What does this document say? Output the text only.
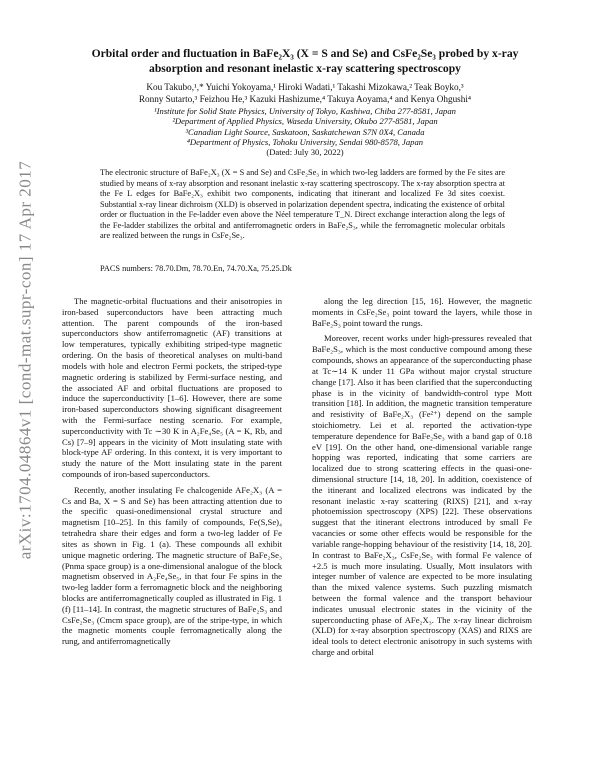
arXiv:1704.04864v1 [cond-mat.supr-con] 17 Apr 2017
Orbital order and fluctuation in BaFe₂X₃ (X = S and Se) and CsFe₂Se₃ probed by x-ray absorption and resonant inelastic x-ray scattering spectroscopy
Kou Takubo,¹,* Yuichi Yokoyama,¹ Hiroki Wadati,¹ Takashi Mizokawa,² Teak Boyko,³
Ronny Sutarto,³ Feizhou He,³ Kazuki Hashizume,⁴ Takuya Aoyama,⁴ and Kenya Ohgushi⁴
¹Institute for Solid State Physics, University of Tokyo, Kashiwa, Chiba 277-8581, Japan
²Department of Applied Physics, Waseda University, Okubo 277-8581, Japan
³Canadian Light Source, Saskatoon, Saskatchewan S7N 0X4, Canada
⁴Department of Physics, Tohoku University, Sendai 980-8578, Japan
(Dated: July 30, 2022)

The electronic structure of BaFe₂X₃ (X = S and Se) and CsFe₂Se₃ in which two-leg ladders are formed by the Fe sites are studied by means of x-ray absorption and resonant inelastic x-ray scattering spectroscopy. The x-ray absorption spectra at the Fe L edges for BaFe₂X₃ exhibit two components, indicating that itinerant and localized Fe 3d sites coexist. Substantial x-ray linear dichroism (XLD) is observed in polarization dependent spectra, indicating the existence of orbital order or fluctuation in the Fe-ladder even above the Néel temperature T_N. Direct exchange interaction along the legs of the Fe-ladder stabilizes the orbital and antiferromagnetic orders in BaFe₂S₃, while the ferromagnetic molecular orbitals are realized between the rungs in CsFe₂Se₃.

PACS numbers: 78.70.Dm, 78.70.En, 74.70.Xa, 75.25.Dk

The magnetic-orbital fluctuations and their anisotropies in iron-based superconductors have been attracting much attention. The parent compounds of the iron-based superconductors show antiferromagnetic (AF) transitions at low temperatures, typically exhibiting striped-type magnetic ordering. On the basis of theoretical analyses on multi-band models with hole and electron Fermi pockets, the striped-type magnetic ordering is stabilized by Fermi-surface nesting, and the associated AF and orbital fluctuations are proposed to induce the superconductivity [1–6]. However, there are some iron-based superconductors showing significant disagreement with the Fermi-surface nesting scenario. For example, superconductivity with Tc ∼30 K in A₂Fe₄Se₅ (A = K, Rb, and Cs) [7–9] appears in the vicinity of Mott insulating state with block-type AF ordering. In this context, it is very important to study the nature of the Mott insulating state in the parent compounds of iron-based superconductors.

Recently, another insulating Fe chalcogenide AFe₂X₃ (A = Cs and Ba, X = S and Se) has been attracting attention due to the specific quasi-onedimensional crystal structure and magnetism [10–25]. In this family of compounds, Fe(S,Se)₄ tetrahedra share their edges and form a two-leg ladder of Fe sites as shown in Fig. 1 (a). These compounds all exhibit unique magnetic ordering. The magnetic structure of BaFe₂Se₃ (Pnma space group) is a one-dimensional analogue of the block magnetism observed in A₂Fe₄Se₅, in that four Fe spins in the two-leg ladder form a ferromagnetic block and the neighboring blocks are antiferromagnetically coupled as illustrated in Fig. 1 (f) [11–14]. In contrast, the magnetic structures of BaFe₂S₃ and CsFe₂Se₃ (Cmcm space group), are of the stripe-type, in which the magnetic moments couple ferromagnetically along the rung, and antiferromagnetically

along the leg direction [15, 16]. However, the magnetic moments in CsFe₂Se₃ point toward the layers, while those in BaFe₂S₃ point toward the rungs.

Moreover, recent works under high-pressures revealed that BaFe₂S₃, which is the most conductive compound among these compounds, shows an appearance of the superconducting phase at Tc∼14 K under 11 GPa without major crystal structure change [17]. Also it has been clarified that the superconducting phase is in the vicinity of bandwidth-control type Mott transition [18]. In addition, the magnetic transition temperature and resistivity of BaFe₂X₃ (Fe²⁺) depend on the sample stoichiometry. Lei et al. reported the activation-type temperature dependence for BaFe₂Se₃ with a band gap of 0.18 eV [19]. On the other hand, one-dimensional variable range hopping was reported, indicating that some carriers are localized due to strong scattering effects in the quasi-one-dimensional structure [14, 18, 20]. In addition, coexistence of the itinerant and localized electrons was indicated by the resonant inelastic x-ray scattering (RIXS) [21], and x-ray photoemission spectroscopy (XPS) [22]. These observations suggest that the itinerant electrons introduced by small Fe vacancies or some other effects would be responsible for the variable range-hopping behaviour of the resistivity [14, 18, 20]. In contrast to BaFe₂X₃, CsFe₂Se₃ with formal Fe valence of +2.5 is much more insulating. Usually, Mott insulators with integer number of valence are expected to be more insulating than the mixed valence systems. Such puzzling mismatch between the formal valence and the transport behaviour indicates unusual electronic states in the vicinity of the superconducting phase of AFe₂X₃. The x-ray linear dichroism (XLD) for x-ray absorption spectroscopy (XAS) and RIXS are ideal tools to detect electronic anisotropy in such systems with charge and orbital
